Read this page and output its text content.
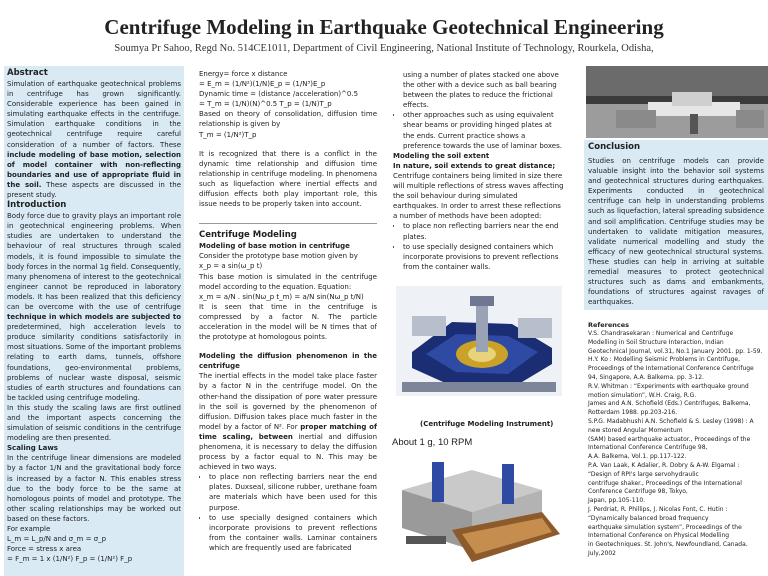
Centrifuge Modeling in Earthquake Geotechnical Engineering
Soumya Pr Sahoo, Regd No. 514CE1011, Department of Civil Engineering, National Institute of Technology, Rourkela, Odisha,
Abstract

Simulation of earthquake geotechnical problems in centrifuge has grown significantly. Considerable experience has been gained in simulating earthquake effects in the centrifuge. Simulation earthquake conditions in the geotechnical centrifuge require careful consideration of a number of factors. These include modeling of base motion, selection of model container with non-reflecting boundaries and use of appropriate fluid in the soil. These aspects are discussed in the present study.

Introduction

Body force due to gravity plays an important role in geotechnical engineering problems. When studies are undertaken to understand the behaviour of real structures through scaled models, it is found impossible to simulate the body forces in the normal 1g field. Consequently, many phenomena of interest to the geotechnical engineer cannot be reproduced in laboratory models. It has been realized that this deficiency can be overcome with the use of centrifuge technique in which models are subjected to predetermined, high acceleration levels to produce similarity conditions satisfactorily in most situations. Some of the important problems relating to earth dams, tunnels, offshore foundations, geo-environmental problems, problems of nuclear waste disposal, seismic studies of earth structures and foundations can be tackled using centrifuge modeling.

In this study the scaling laws are first outlined and the important aspects concerning the simulation of seismic conditions in the centrifuge modeling are then presented.

Scaling Laws

In the centrifuge linear dimensions are modeled by a factor 1/N and the gravitational body force is increased by a factor N. This enables stress due to the body force to be the same at homologous points of model and prototype. The other scaling relationships may be worked out based on these factors.

For example

L_m = L_p/N and σ_m = σ_p

Force = stress x area

= F_m = 1 x (1/N²) F_p = (1/N²) F_p

Energy= force x distance

= E_m = (1/N²)(1/N)E_p = (1/N³)E_p

Dynamic time = (distance /acceleration)^0.5

= T_m = (1/N)(N)^0.5 T_p = (1/N)T_p

Based on theory of consolidation, diffusion time relationship is given by

T_m = (1/N²)T_p

It is recognized that there is a conflict in the dynamic time relationship and diffusion time relationship in centrifuge modeling. In phenomena such as liquefaction where inertial effects and diffusion effects both play important role, this issue needs to be properly taken into account.

Centrifuge Modeling
Modeling of base motion in centrifuge

Consider the prototype base motion given by

x_p = a sin(ω_p t)

This base motion is simulated in the centrifuge model according to the equation. Equation:

x_m = a/N . sin(Nω_p t_m) = a/N sin(Nω_p t/N)

It is seen that time in the centrifuge is compressed by a factor N. The particle acceleration in the model will be N times that of the prototype at homologous points.

Modeling the diffusion phenomenon in the centrifuge

The inertial effects in the model take place faster by a factor N in the centrifuge model. On the other-hand the dissipation of pore water pressure in the soil is governed by the phenomenon of diffusion. Diffusion takes place much faster in the model by a factor of N². For proper matching of time scaling, between inertial and diffusion phenomena, it is necessary to delay the diffusion process by a factor equal to N. This may be achieved in two ways.

• to place non reflecting barriers near the end plates. Duxseal, silicone rubber, urethane foam are materials which have been used for this purpose.
• to use specially designed containers which incorporate provisions to prevent reflections from the container walls. Laminar containers which are frequently used are fabricated
using a number of plates stacked one above the other with a device such as ball bearing between the plates to reduce the frictional effects.
• other approaches such as using equivalent shear beams or providing hinged plates at the ends. Current practice shows a preference towards the use of laminar boxes.
Modeling the soil extent

In nature, soil extends to great distance;

Centrifuge containers being limited in size there will multiple reflections of stress waves affecting the soil behaviour during simulated earthquakes. In order to arrest these reflections a number of methods have been adopted:

• to place non reflecting barriers near the end plates.
• to use specially designed containers which incorporate provisions to prevent reflections from the container walls.
(Centrifuge Modeling Instrument)
About 1 g, 10 RPM
Conclusion

Studies on centrifuge models can provide valuable insight into the behavior soil systems and geotechnical structures during earthquakes. Experiments conducted in geotechnical centrifuge can help in understanding problems such as liquefaction, lateral spreading subsidence and soil amplification. Centrifuge studies may be undertaken to validate mitigation measures, validate numerical modelling and study the efficacy of new geotechnical structural systems. These studies can help in arriving at suitable remedial measures to protect geotechnical structures such as dams and embankments, foundations of structures against ravages of earthquakes.

References

V.S. Chandrasekaran : Numerical and Centrifuge Modelling in Soil Structure Interaction, Indian Geotechnical Journal, vol.31, No.1 January 2001. pp. 1-59.

H.Y. Ko : Modelling Seismic Problems in Centrifuge, Proceedings of the International Conference Centrifuge 94, Singapore, A.A. Balkema. pp. 3-12.

R.V. Whitman : “Experiments with earthquake ground motion simulation”, W.H. Craig, R.G.

James and A.N. Schofield (Eds.) Centrifuges, Balkema, Rotterdam 1988. pp.203-216.

S.P.G. Madabhushi A.N. Schofield & S. Lesley (1998) : A new stored Angular Momentum

(SAM) based earthquake actuator., Proceedings of the International Conference Centrifuge 98,

A.A. Balkema, Vol.1. pp.117-122.

P.A. Van Laak, K Adalier, R. Dobry & A-W. Elgamal : “Design of RPI's large servohydraulic

centrifuge shaker., Proceedings of the International Conference Centrifuge 98, Tokyo,

Japan, pp.105-110.

J. Perdriat, R. Phillips, J. Nicolas Font, C. Hutin : “Dynamically balanced broad frequency

earthquake simulation system”, Proceedings of the International Conference on Physical Modelling

in Geotechniques. St. John's, Newfoundland, Canada. July,2002
